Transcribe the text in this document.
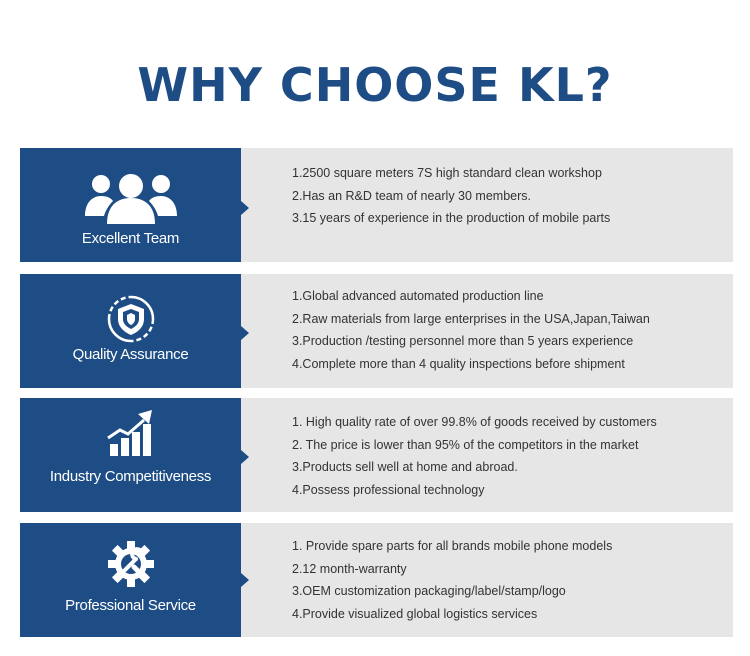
WHY CHOOSE KL?
Excellent Team
1.2500 square meters 7S high standard clean workshop
2.Has an R&D team of nearly 30 members.
3.15 years of experience in the production of mobile parts
Quality Assurance
1.Global advanced automated production line
2.Raw materials from large enterprises in the USA,Japan,Taiwan
3.Production /testing personnel more than 5 years experience
4.Complete more than 4 quality inspections before shipment
Industry Competitiveness
1. High quality rate of over 99.8% of goods received by customers
2. The price is lower than 95% of the competitors in the market
3.Products sell well at home and abroad.
4.Possess professional technology
Professional Service
1. Provide spare parts for all brands mobile phone models
2.12 month-warranty
3.OEM customization packaging/label/stamp/logo
4.Provide visualized global logistics services
